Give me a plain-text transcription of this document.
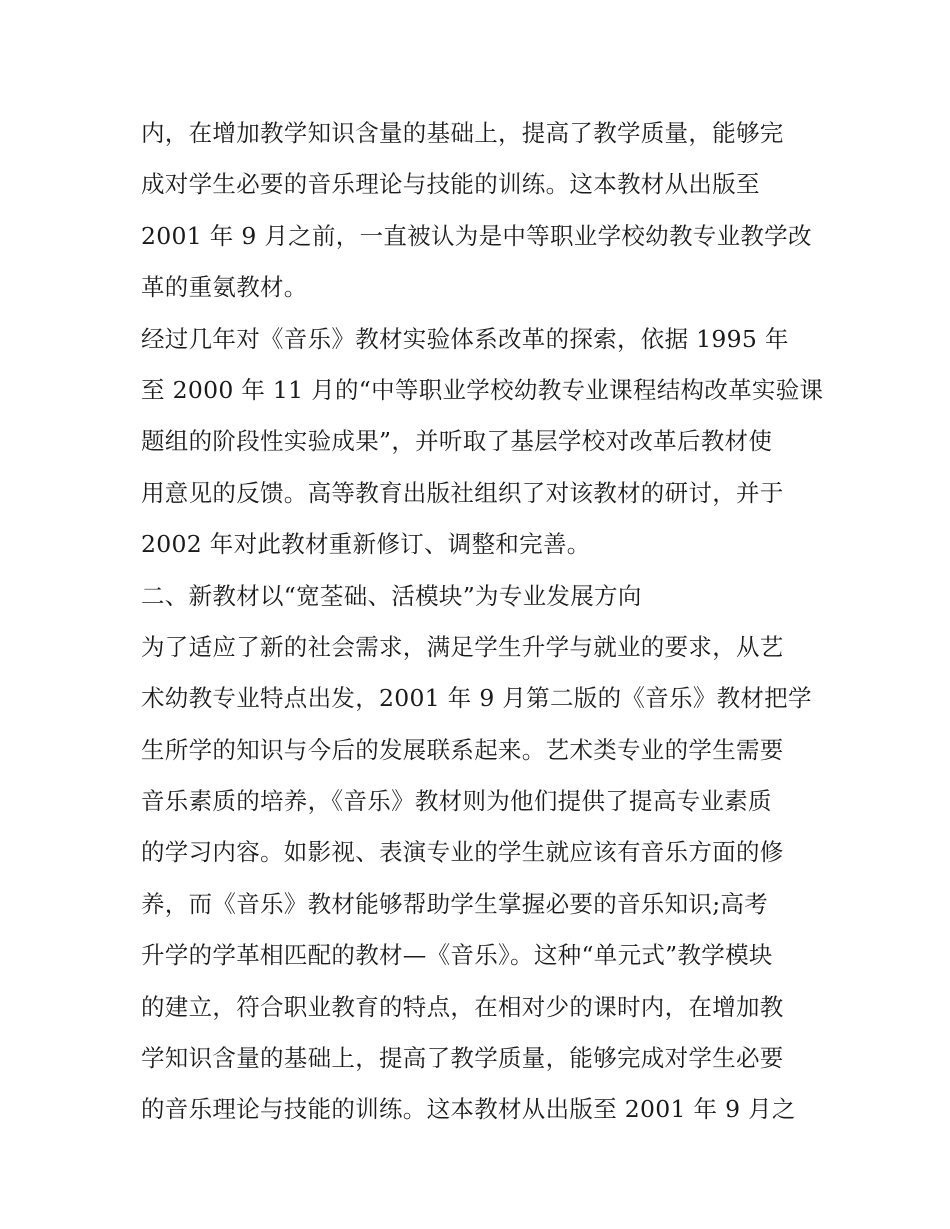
内，在增加教学知识含量的基础上，提高了教学质量，能够完
成对学生必要的音乐理论与技能的训练。这本教材从出版至
2001 年 9 月之前，一直被认为是中等职业学校幼教专业教学改
革的重氨教材。
经过几年对《音乐》教材实验体系改革的探索，依据 1995 年
至 2000 年 11 月的“中等职业学校幼教专业课程结构改革实验课
题组的阶段性实验成果”，并听取了基层学校对改革后教材使
用意见的反馈。高等教育出版社组织了对该教材的研讨，并于
2002 年对此教材重新修订、调整和完善。
二、新教材以“宽荃础、活模块”为专业发展方向
为了适应了新的社会需求，满足学生升学与就业的要求，从艺
术幼教专业特点出发，2001 年 9 月第二版的《音乐》教材把学
生所学的知识与今后的发展联系起来。艺术类专业的学生需要
音乐素质的培养，《音乐》教材则为他们提供了提高专业素质
的学习内容。如影视、表演专业的学生就应该有音乐方面的修
养，而《音乐》教材能够帮助学生掌握必要的音乐知识;高考
升学的学革相匹配的教材—《音乐》。这种“单元式”教学模块
的建立，符合职业教育的特点，在相对少的课时内，在增加教
学知识含量的基础上，提高了教学质量，能够完成对学生必要
的音乐理论与技能的训练。这本教材从出版至 2001 年 9 月之
